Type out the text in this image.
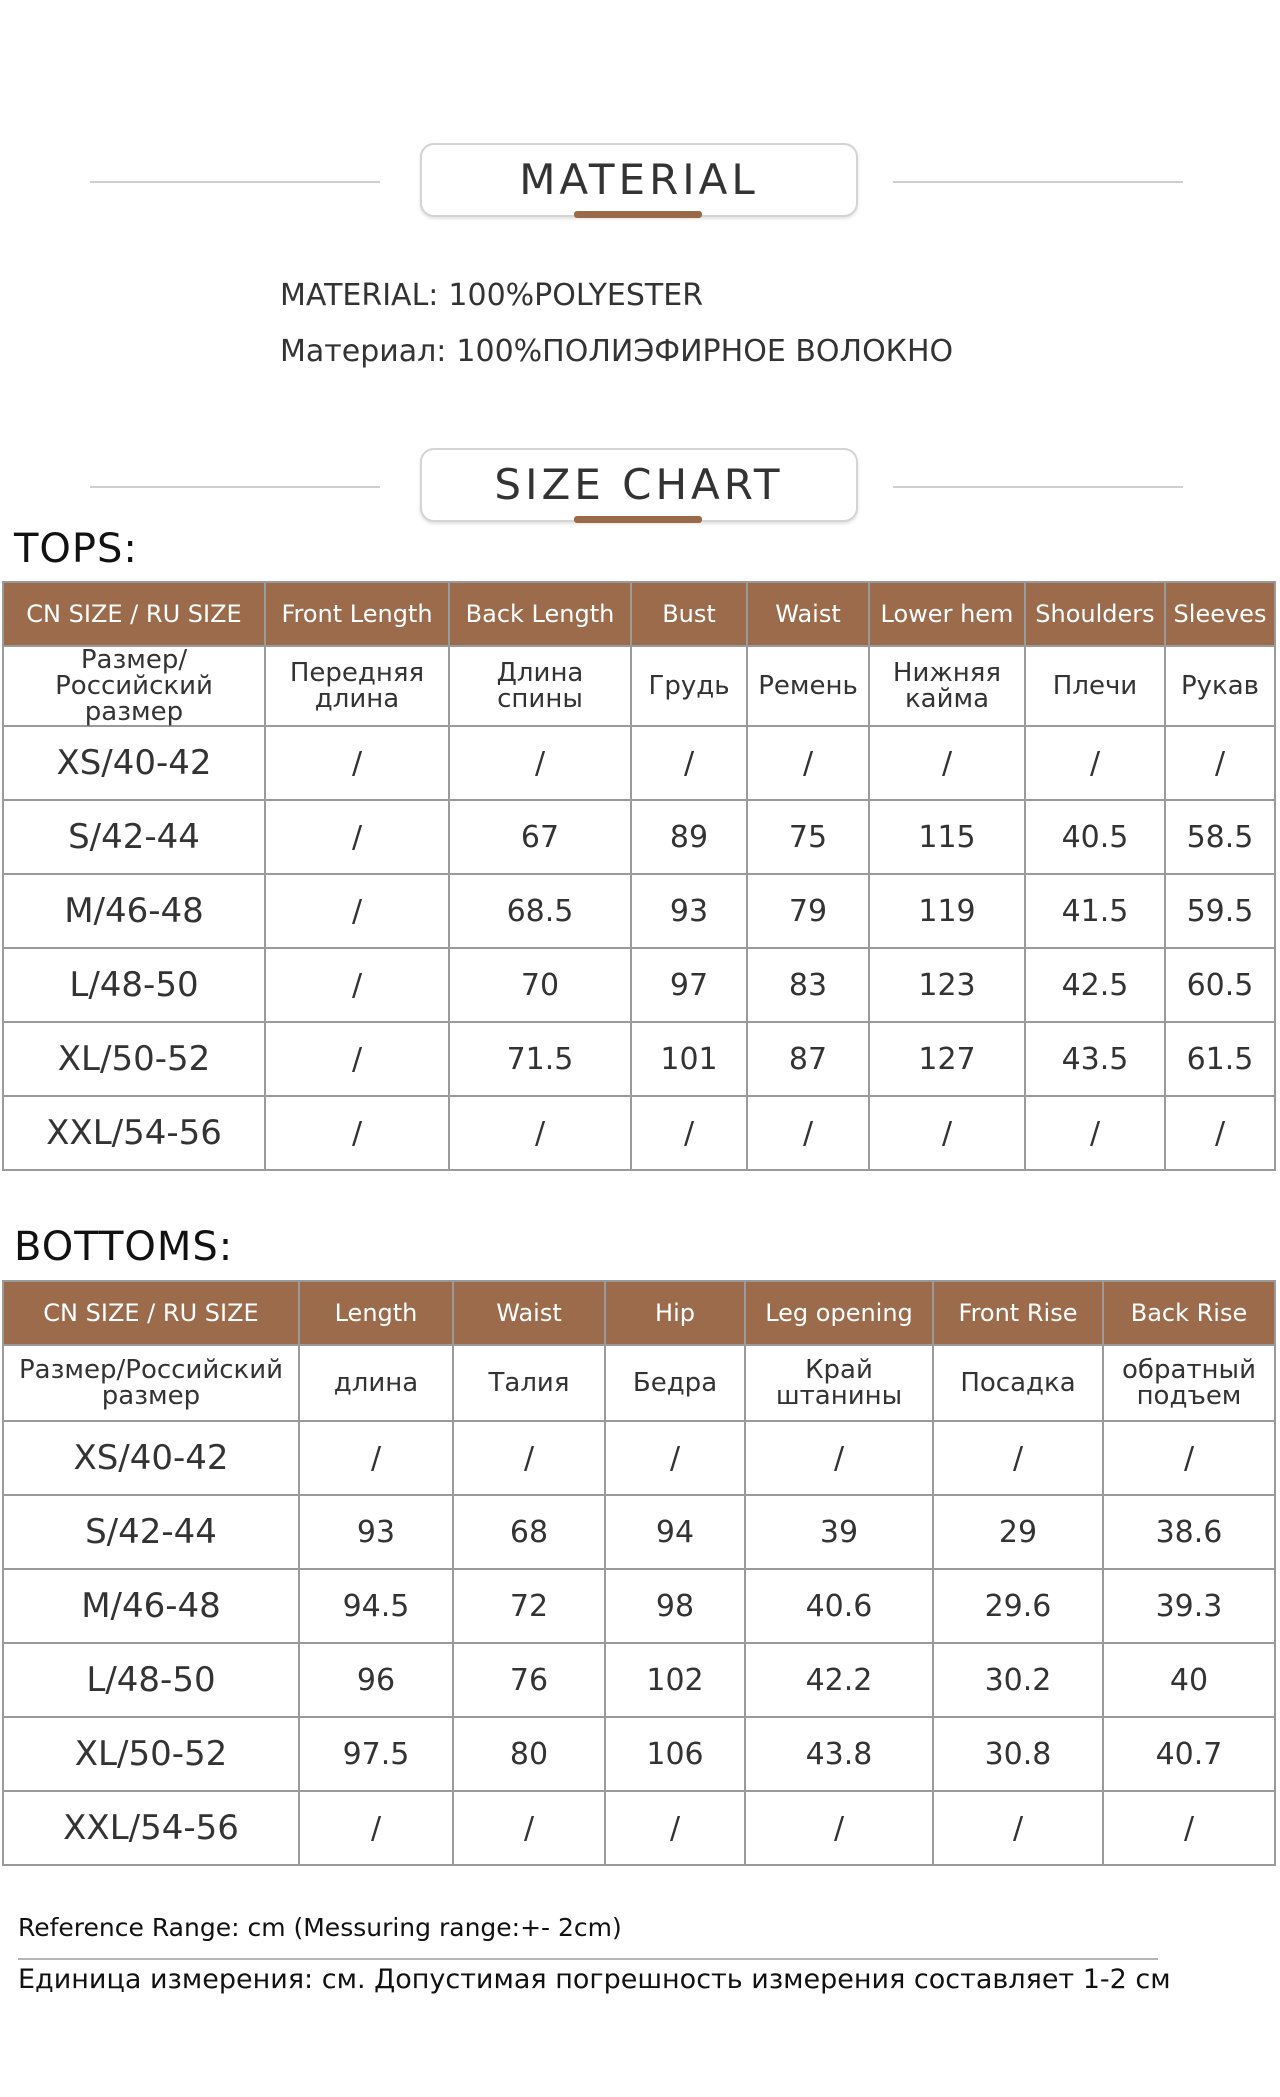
MATERIAL
MATERIAL: 100%POLYESTER
Материал: 100%ПОЛИЭФИРНОЕ ВОЛОКНО
SIZE CHART
TOPS:
CN SIZE / RU SIZE	Front Length	Back Length	Bust	Waist	Lower hem	Shoulders	Sleeves
Размер/Российский размер	Передняя длина	Длина спины	Грудь	Ремень	Нижняя кайма	Плечи	Рукав
XS/40-42	/	/	/	/	/	/	/
S/42-44	/	67	89	75	115	40.5	58.5
M/46-48	/	68.5	93	79	119	41.5	59.5
L/48-50	/	70	97	83	123	42.5	60.5
XL/50-52	/	71.5	101	87	127	43.5	61.5
XXL/54-56	/	/	/	/	/	/	/
BOTTOMS:
CN SIZE / RU SIZE	Length	Waist	Hip	Leg opening	Front Rise	Back Rise
Размер/Российский размер	длина	Талия	Бедра	Край штанины	Посадка	обратный подъем
XS/40-42	/	/	/	/	/	/
S/42-44	93	68	94	39	29	38.6
M/46-48	94.5	72	98	40.6	29.6	39.3
L/48-50	96	76	102	42.2	30.2	40
XL/50-52	97.5	80	106	43.8	30.8	40.7
XXL/54-56	/	/	/	/	/	/
Reference Range: cm (Messuring range:+- 2cm)
Единица измерения: см. Допустимая погрешность измерения составляет 1-2 см
